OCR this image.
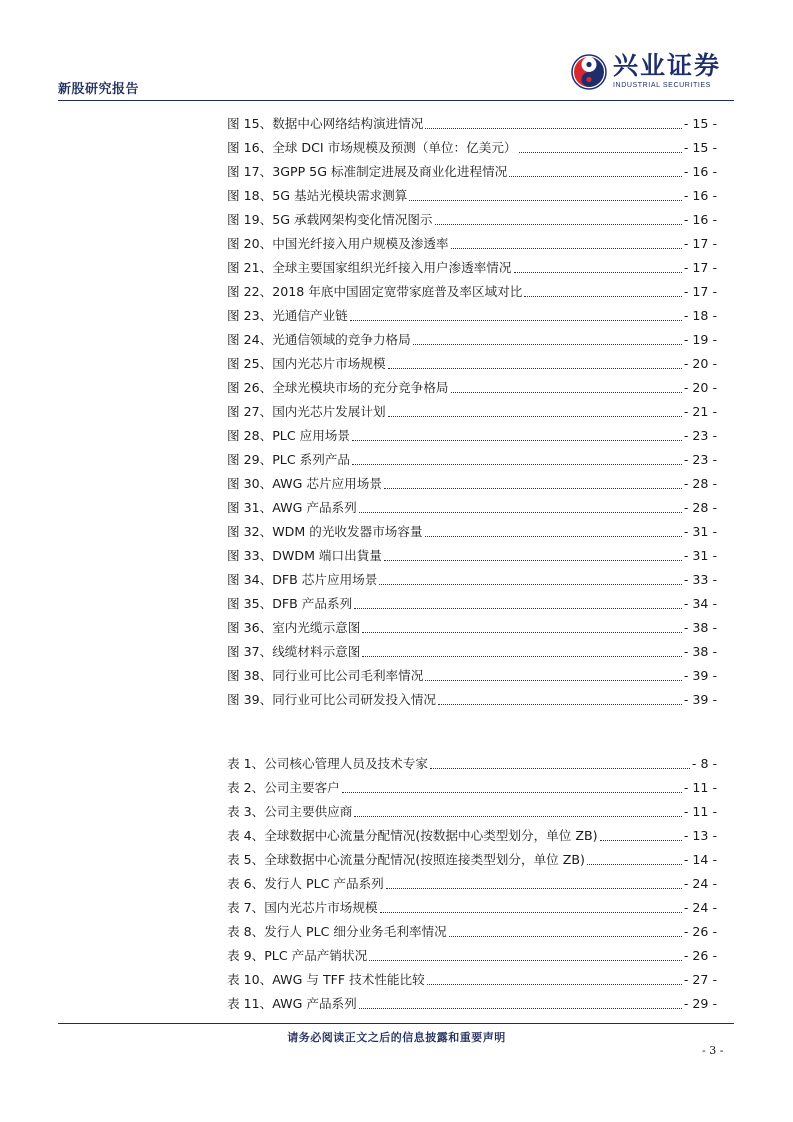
新股研究报告
兴业证券
INDUSTRIAL SECURITIES
图 15、数据中心网络结构演进情况	- 15 -
图 16、全球 DCI 市场规模及预测（单位：亿美元）	- 15 -
图 17、3GPP 5G 标准制定进展及商业化进程情况	- 16 -
图 18、5G 基站光模块需求测算	- 16 -
图 19、5G 承载网架构变化情况图示	- 16 -
图 20、中国光纤接入用户规模及渗透率	- 17 -
图 21、全球主要国家组织光纤接入用户渗透率情况	- 17 -
图 22、2018 年底中国固定宽带家庭普及率区域对比	- 17 -
图 23、光通信产业链	- 18 -
图 24、光通信领域的竞争力格局	- 19 -
图 25、国内光芯片市场规模	- 20 -
图 26、全球光模块市场的充分竞争格局	- 20 -
图 27、国内光芯片发展计划	- 21 -
图 28、PLC 应用场景	- 23 -
图 29、PLC 系列产品	- 23 -
图 30、AWG 芯片应用场景	- 28 -
图 31、AWG 产品系列	- 28 -
图 32、WDM 的光收发器市场容量	- 31 -
图 33、DWDM 端口出貨量	- 31 -
图 34、DFB 芯片应用场景	- 33 -
图 35、DFB 产品系列	- 34 -
图 36、室内光缆示意图	- 38 -
图 37、线缆材料示意图	- 38 -
图 38、同行业可比公司毛利率情况	- 39 -
图 39、同行业可比公司研发投入情况	- 39 -
表 1、公司核心管理人员及技术专家	- 8 -
表 2、公司主要客户	- 11 -
表 3、公司主要供应商	- 11 -
表 4、全球数据中心流量分配情况(按数据中心类型划分，单位 ZB)	- 13 -
表 5、全球数据中心流量分配情况(按照连接类型划分，单位 ZB)	- 14 -
表 6、发行人 PLC 产品系列	- 24 -
表 7、国内光芯片市场规模	- 24 -
表 8、发行人 PLC 细分业务毛利率情况	- 26 -
表 9、PLC 产品产销状况	- 26 -
表 10、AWG 与 TFF 技术性能比较	- 27 -
表 11、AWG 产品系列	- 29 -
请务必阅读正文之后的信息披露和重要声明
- 3 -
